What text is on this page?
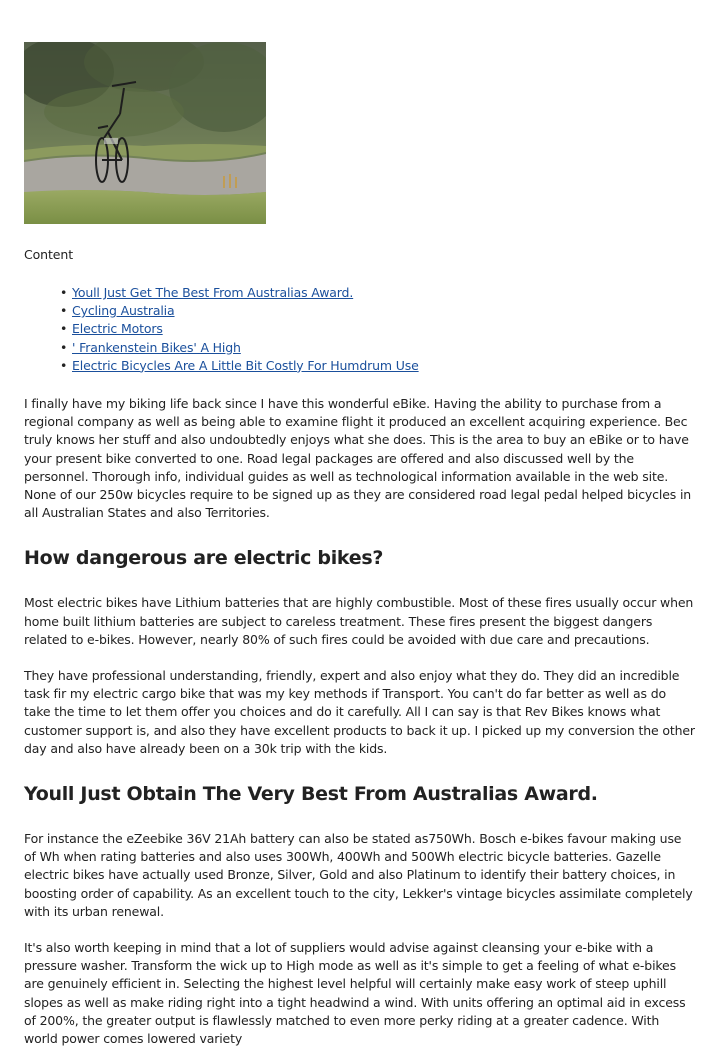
Content
• Youll Just Get The Best From Australias Award.
• Cycling Australia
• Electric Motors
• ' Frankenstein Bikes' A High
• Electric Bicycles Are A Little Bit Costly For Humdrum Use

I finally have my biking life back since I have this wonderful eBike. Having the ability to purchase from a regional company as well as being able to examine flight it produced an excellent acquiring experience. Bec truly knows her stuff and also undoubtedly enjoys what she does. This is the area to buy an eBike or to have your present bike converted to one. Road legal packages are offered and also discussed well by the personnel. Thorough info, individual guides as well as technological information available in the web site. None of our 250w bicycles require to be signed up as they are considered road legal pedal helped bicycles in all Australian States and also Territories.

How dangerous are electric bikes?

Most electric bikes have Lithium batteries that are highly combustible. Most of these fires usually occur when home built lithium batteries are subject to careless treatment. These fires present the biggest dangers related to e-bikes. However, nearly 80% of such fires could be avoided with due care and precautions.

They have professional understanding, friendly, expert and also enjoy what they do. They did an incredible task fir my electric cargo bike that was my key methods if Transport. You can't do far better as well as do take the time to let them offer you choices and do it carefully. All I can say is that Rev Bikes knows what customer support is, and also they have excellent products to back it up. I picked up my conversion the other day and also have already been on a 30k trip with the kids.

Youll Just Obtain The Very Best From Australias Award.

For instance the eZeebike 36V 21Ah battery can also be stated as750Wh. Bosch e-bikes favour making use of Wh when rating batteries and also uses 300Wh, 400Wh and 500Wh electric bicycle batteries. Gazelle electric bikes have actually used Bronze, Silver, Gold and also Platinum to identify their battery choices, in boosting order of capability. As an excellent touch to the city, Lekker's vintage bicycles assimilate completely with its urban renewal.

It's also worth keeping in mind that a lot of suppliers would advise against cleansing your e-bike with a pressure washer. Transform the wick up to High mode as well as it's simple to get a feeling of what e-bikes are genuinely efficient in. Selecting the highest level helpful will certainly make easy work of steep uphill slopes as well as make riding right into a tight headwind a wind. With units offering an optimal aid in excess of 200%, the greater output is flawlessly matched to even more perky riding at a greater cadence. With world power comes lowered variety
